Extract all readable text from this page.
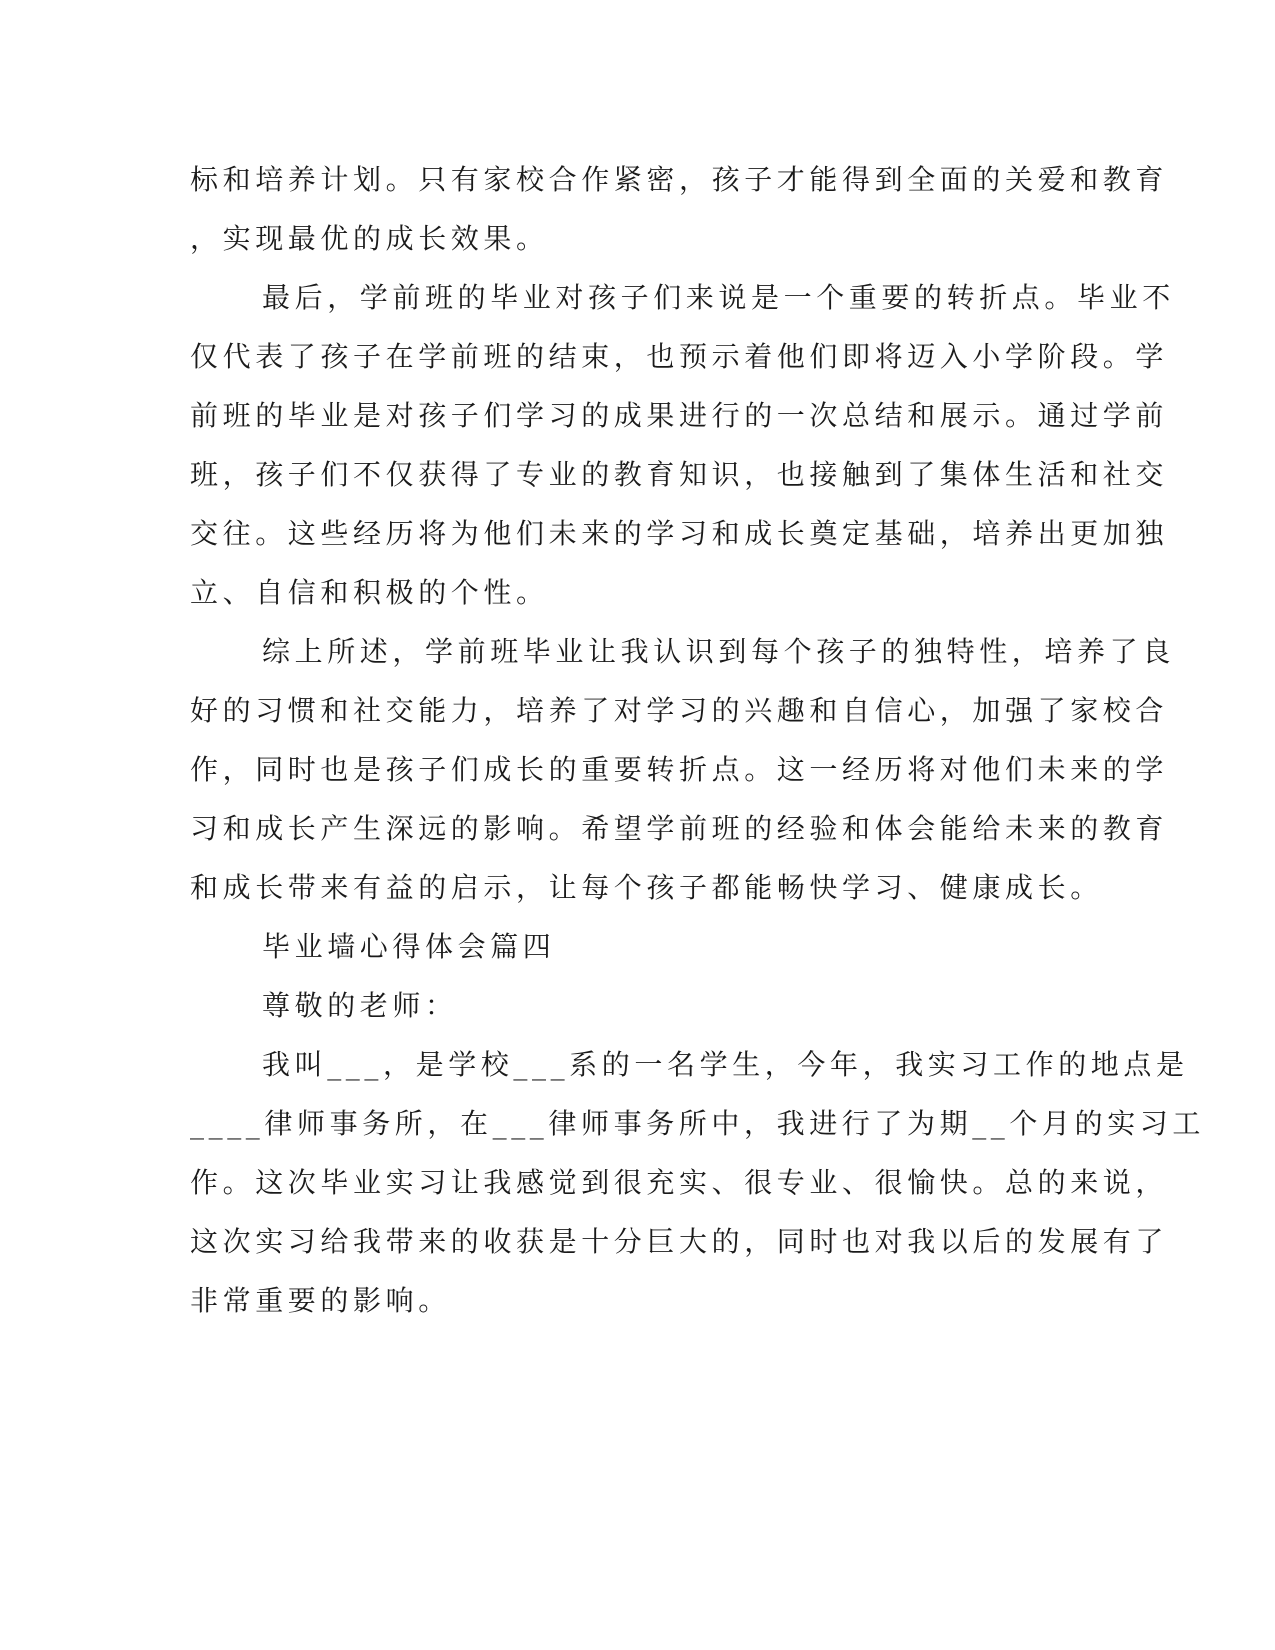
标和培养计划。只有家校合作紧密，孩子才能得到全面的关爱和教育
，实现最优的成长效果。
最后，学前班的毕业对孩子们来说是一个重要的转折点。毕业不
仅代表了孩子在学前班的结束，也预示着他们即将迈入小学阶段。学
前班的毕业是对孩子们学习的成果进行的一次总结和展示。通过学前
班，孩子们不仅获得了专业的教育知识，也接触到了集体生活和社交
交往。这些经历将为他们未来的学习和成长奠定基础，培养出更加独
立、自信和积极的个性。
综上所述，学前班毕业让我认识到每个孩子的独特性，培养了良
好的习惯和社交能力，培养了对学习的兴趣和自信心，加强了家校合
作，同时也是孩子们成长的重要转折点。这一经历将对他们未来的学
习和成长产生深远的影响。希望学前班的经验和体会能给未来的教育
和成长带来有益的启示，让每个孩子都能畅快学习、健康成长。
毕业墙心得体会篇四
尊敬的老师：
我叫___，是学校___系的一名学生，今年，我实习工作的地点是
____律师事务所，在___律师事务所中，我进行了为期__个月的实习工
作。这次毕业实习让我感觉到很充实、很专业、很愉快。总的来说，
这次实习给我带来的收获是十分巨大的，同时也对我以后的发展有了
非常重要的影响。
